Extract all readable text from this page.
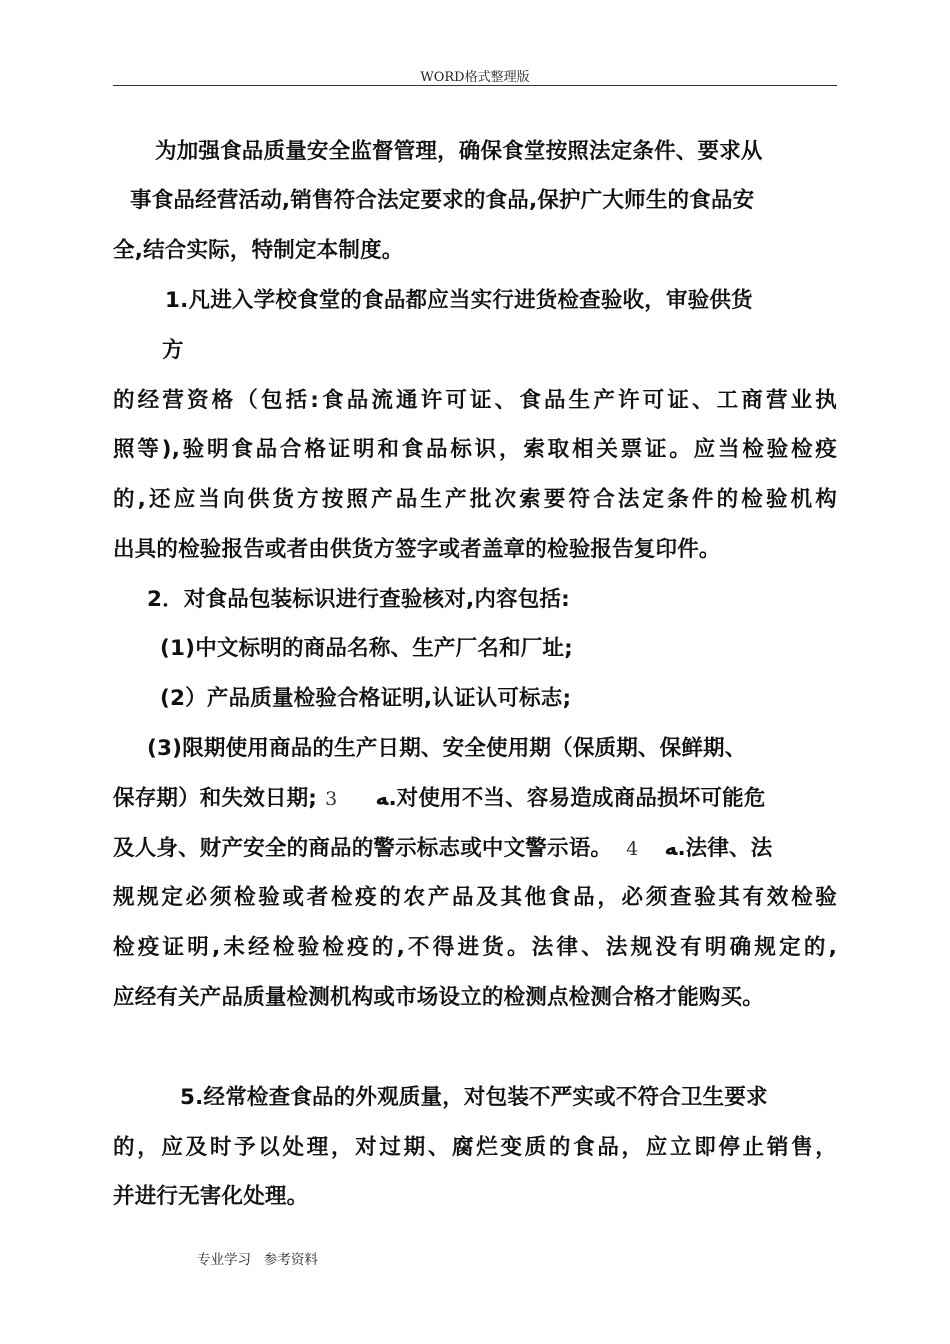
WORD格式整理版
为加强食品质量安全监督管理，确保食堂按照法定条件、要求从
事食品经营活动,销售符合法定要求的食品,保护广大师生的食品安
全,结合实际，特制定本制度。
1.凡进入学校食堂的食品都应当实行进货检查验收，审验供货
方
的经营资格（包括:食品流通许可证、食品生产许可证、工商营业执
照等),验明食品合格证明和食品标识，索取相关票证。应当检验检疫
的,还应当向供货方按照产品生产批次索要符合法定条件的检验机构
出具的检验报告或者由供货方签字或者盖章的检验报告复印件。
2．对食品包装标识进行查验核对,内容包括:
(1)中文标明的商品名称、生产厂名和厂址;
(2）产品质量检验合格证明,认证认可标志;
(3)限期使用商品的生产日期、安全使用期（保质期、保鲜期、
保存期）和失效日期; 3 ﻪ.对使用不当、容易造成商品损坏可能危
及人身、财产安全的商品的警示标志或中文警示语。 4 ﻪ.法律、法
规规定必须检验或者检疫的农产品及其他食品，必须查验其有效检验
检疫证明,未经检验检疫的,不得进货。法律、法规没有明确规定的,
应经有关产品质量检测机构或市场设立的检测点检测合格才能购买。
5.经常检查食品的外观质量，对包装不严实或不符合卫生要求
的，应及时予以处理，对过期、腐烂变质的食品，应立即停止销售，
并进行无害化处理。
专业学习   参考资料
